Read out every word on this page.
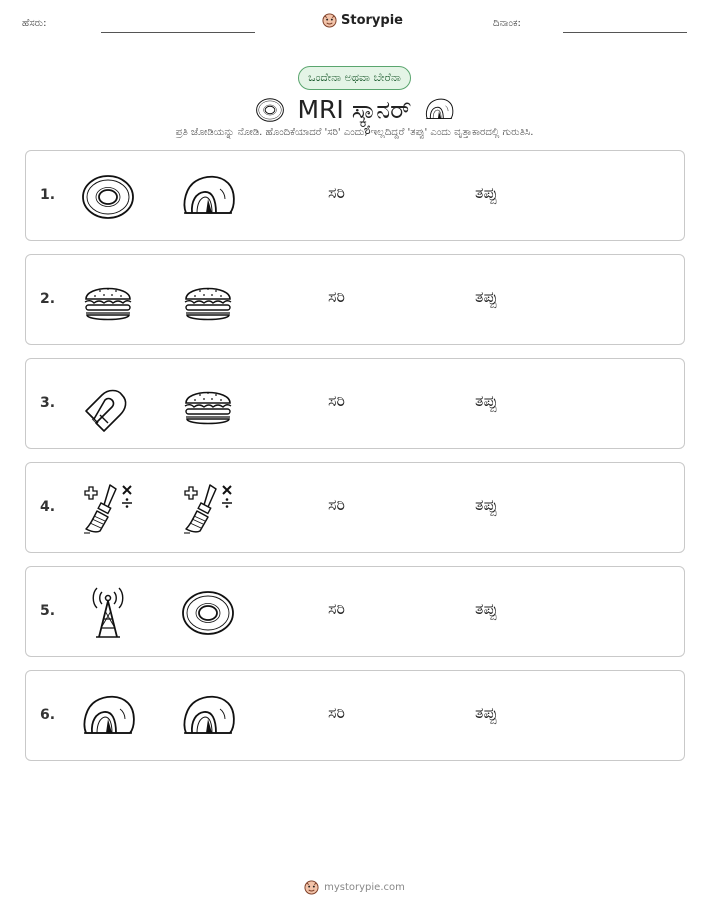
ಹೆಸರು:	Storypie	ದಿನಾಂಕ:
ಒಂದೇನಾ ಅಥವಾ ಬೇರೆನಾ
MRI ಸ್ಕ್ಯಾನರ್
ಪ್ರತಿ ಜೋಡಿಯನ್ನು ನೋಡಿ. ಹೊಂದಿಕೆಯಾದರೆ 'ಸರಿ' ಎಂದು, ಇಲ್ಲದಿದ್ದರೆ 'ತಪ್ಪು' ಎಂದು ವೃತ್ತಾಕಾರದಲ್ಲಿ ಗುರುತಿಸಿ.
1.	ಸರಿ	ತಪ್ಪು
2.	ಸರಿ	ತಪ್ಪು
3.	ಸರಿ	ತಪ್ಪು
4.	ಸರಿ	ತಪ್ಪು
5.	ಸರಿ	ತಪ್ಪು
6.	ಸರಿ	ತಪ್ಪು
mystorypie.com
